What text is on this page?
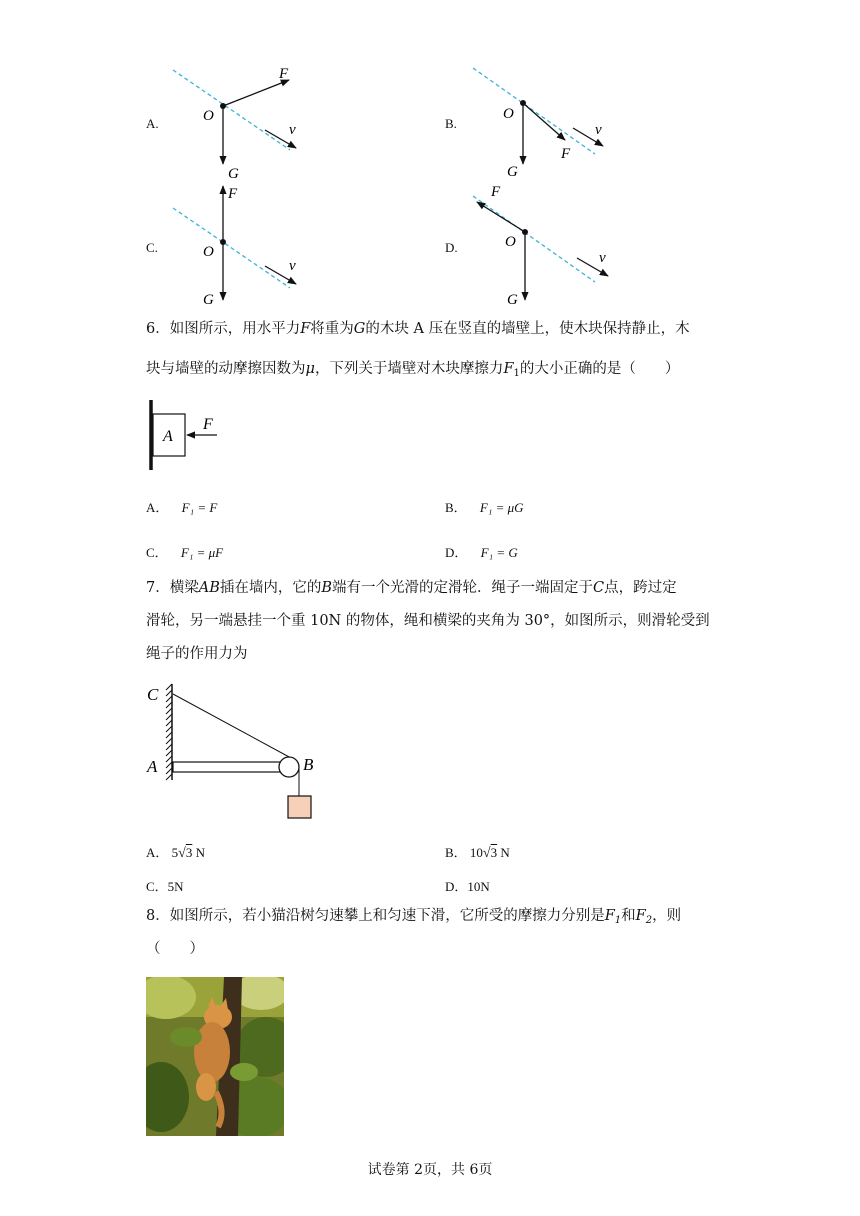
A.
F
O
G
v	B.
O
G
F
v
C.
F
O
G
v
D.
F
O
G
v
6．如图所示，用水平力F将重为G的木块 A 压在竖直的墙壁上，使木块保持静止，木
块与墙壁的动摩擦因数为μ，下列关于墙壁对木块摩擦力$F_1$的大小正确的是（　　）
A
F
A． F₁ = F	B． F₁ = μG
C． F₁ = μF	D． F₁ = G
7．横梁AB插在墙内，它的B端有一个光滑的定滑轮．绳子一端固定于C点，跨过定
滑轮，另一端悬挂一个重 10N 的物体，绳和横梁的夹角为 30°，如图所示，则滑轮受到
绳子的作用力为
C
A	B
A． 5√3 N	B． 10√3 N
C．5N	D．10N
8．如图所示，若小猫沿树匀速攀上和匀速下滑，它所受的摩擦力分别是$F_1$和$F_2$，则
（　　）
试卷第 2页，共 6页
